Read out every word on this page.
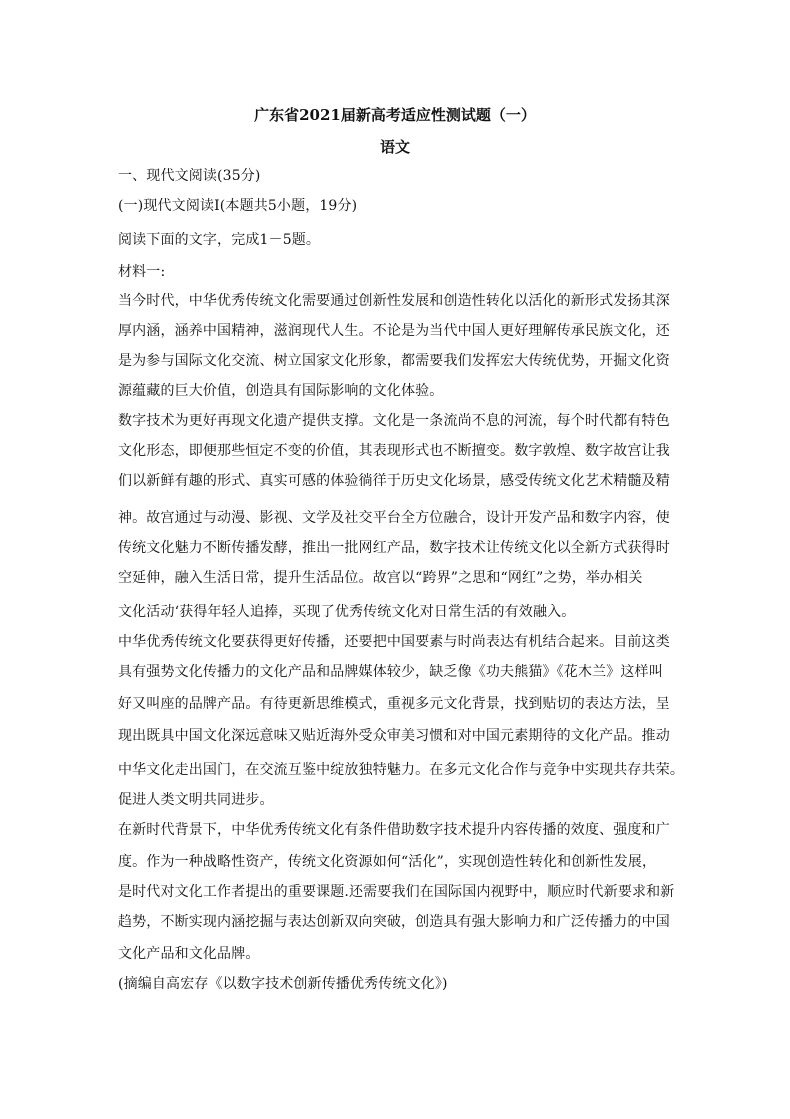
广东省2021届新高考适应性测试题（一）
语文
一、现代文阅读(35分)
(一)现代文阅读Ⅰ(本题共5小题，19分)
阅读下面的文字，完成1－5题。
材料一:
当今时代，中华优秀传统文化需要通过创新性发展和创造性转化以活化的新形式发扬其深
厚内涵，涵养中国精神，滋润现代人生。不论是为当代中国人更好理解传承民族文化，还
是为参与国际文化交流、树立国家文化形象，都需要我们发挥宏大传统优势，开掘文化资
源蕴藏的巨大价值，创造具有国际影响的文化体验。
数字技术为更好再现文化遗产提供支撑。文化是一条流尚不息的河流，每个时代都有特色
文化形态，即便那些恒定不变的价值，其表现形式也不断擅变。数字敦煌、数字故宫让我
们以新鲜有趣的形式、真实可感的体验徜徉于历史文化场景，感受传统文化艺术精髓及精
神。故宫通过与动漫、影视、文学及社交平台全方位融合，设计开发产品和数字内容，使
传统文化魅力不断传播发酵，推出一批网红产品，数字技术让传统文化以全新方式获得时
空延伸，融入生活日常，提升生活品位。故宫以“跨界”之思和“网红”之势，举办相关
文化活动‘获得年轻人追捧，买现了优秀传统文化对日常生活的有效融入。
中华优秀传统文化要获得更好传播，还要把中国要素与时尚表达有机结合起来。目前这类
具有强势文化传播力的文化产品和品牌媒体较少，缺乏像《功夫熊猫》《花木兰》这样叫
好又叫座的品牌产品。有待更新思维模式，重视多元文化背景，找到贴切的表达方法，呈
现出既具中国文化深远意味又贴近海外受众审美习惯和对中国元素期待的文化产品。推动
中华文化走出国门，在交流互鉴中绽放独特魅力。在多元文化合作与竞争中实现共存共荣。
促进人类文明共同进步。
在新时代背景下，中华优秀传统文化有条件借助数字技术提升内容传播的效度、强度和广
度。作为一种战略性资产，传统文化资源如何“活化”，实现创造性转化和创新性发展，
是时代对文化工作者提出的重要课题.还需要我们在国际国内视野中，顺应时代新要求和新
趋势，不断实现内涵挖掘与表达创新双向突破，创造具有强大影响力和广泛传播力的中国
文化产品和文化品牌。
(摘编自高宏存《以数字技术创新传播优秀传统文化》)
